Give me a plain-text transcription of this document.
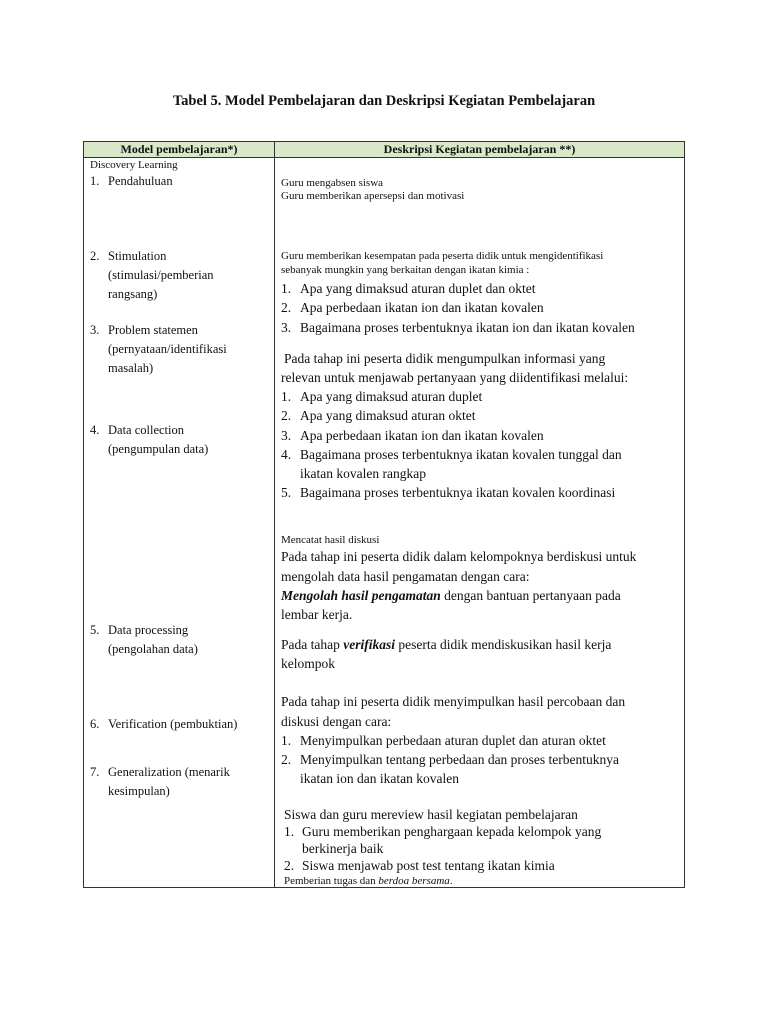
Tabel 5. Model Pembelajaran dan Deskripsi Kegiatan Pembelajaran
Model pembelajaran*)	Deskripsi Kegiatan pembelajaran **)
Discovery Learning
1. Pendahuluan
2. Stimulation
(stimulasi/pemberian
rangsang)
3. Problem statemen
(pernyataan/identifikasi
masalah)
4. Data collection
(pengumpulan data)
5. Data processing
(pengolahan data)
6. Verification (pembuktian)
7. Generalization (menarik
kesimpulan)
Guru mengabsen siswa
Guru memberikan apersepsi dan motivasi
Guru memberikan kesempatan pada peserta didik untuk mengidentifikasi
sebanyak mungkin yang berkaitan dengan ikatan kimia :
1. Apa yang dimaksud aturan duplet dan oktet
2. Apa perbedaan ikatan ion dan ikatan kovalen
3. Bagaimana proses terbentuknya ikatan ion dan ikatan kovalen
Pada tahap ini peserta didik mengumpulkan informasi yang
relevan untuk menjawab pertanyaan yang diidentifikasi melalui:
1. Apa yang dimaksud aturan duplet
2. Apa yang dimaksud aturan oktet
3. Apa perbedaan ikatan ion dan ikatan kovalen
4. Bagaimana proses terbentuknya ikatan kovalen tunggal dan
ikatan kovalen rangkap
5. Bagaimana proses terbentuknya ikatan kovalen koordinasi
Mencatat hasil diskusi
Pada tahap ini peserta didik dalam kelompoknya berdiskusi untuk
mengolah data hasil pengamatan dengan cara:
Mengolah hasil pengamatan dengan bantuan pertanyaan pada
lembar kerja.
Pada tahap verifikasi peserta didik mendiskusikan hasil kerja
kelompok
Pada tahap ini peserta didik menyimpulkan hasil percobaan dan
diskusi dengan cara:
1. Menyimpulkan perbedaan aturan duplet dan aturan oktet
2. Menyimpulkan tentang perbedaan dan proses terbentuknya
ikatan ion dan ikatan kovalen
Siswa dan guru mereview hasil kegiatan pembelajaran
1. Guru memberikan penghargaan kepada kelompok yang
berkinerja baik
2. Siswa menjawab post test tentang ikatan kimia
Pemberian tugas dan berdoa bersama.
